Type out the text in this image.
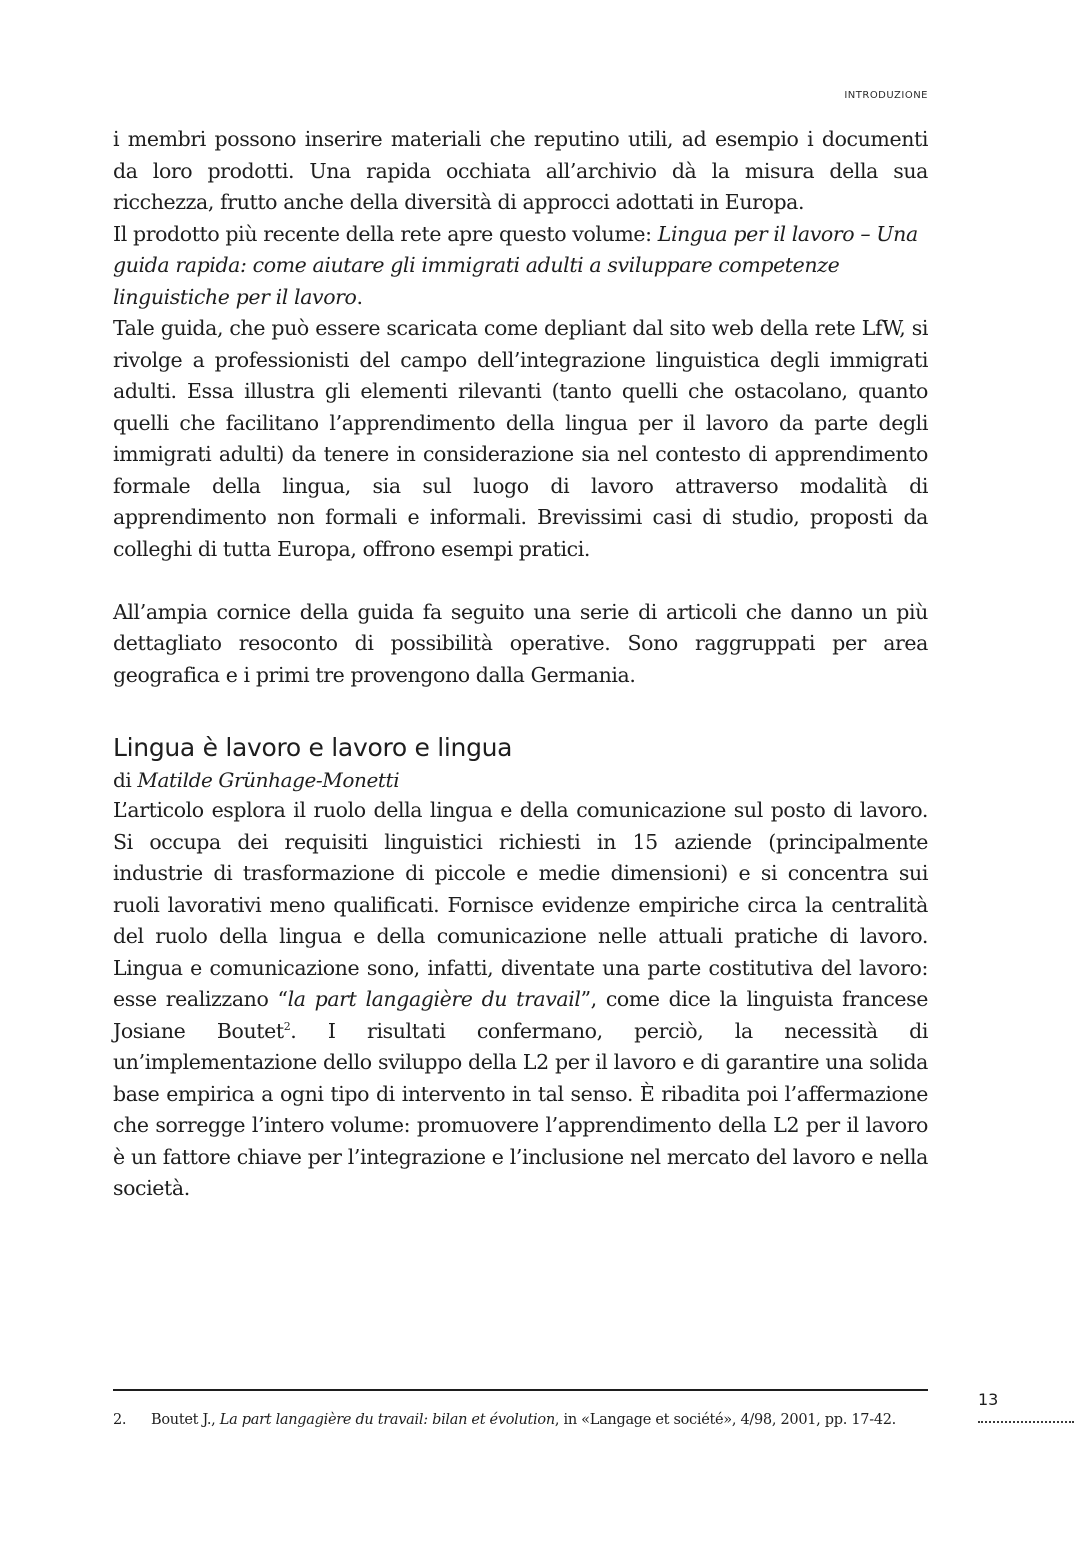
INTRODUZIONE

i membri possono inserire materiali che reputino utili, ad esempio i documenti da loro prodotti. Una rapida occhiata all’archivio dà la misura della sua ricchezza, frutto anche della diversità di approcci adottati in Europa.

Il prodotto più recente della rete apre questo volume: Lingua per il lavoro – Una guida rapida: come aiutare gli immigrati adulti a sviluppare competenze linguistiche per il lavoro.

Tale guida, che può essere scaricata come depliant dal sito web della rete LfW, si rivolge a professionisti del campo dell’integrazione linguistica degli immigrati adulti. Essa illustra gli elementi rilevanti (tanto quelli che ostacolano, quanto quelli che facilitano l’apprendimento della lingua per il lavoro da parte degli immigrati adulti) da tenere in considerazione sia nel contesto di apprendimento formale della lingua, sia sul luogo di lavoro attraverso modalità di apprendimento non formali e informali. Brevissimi casi di studio, proposti da colleghi di tutta Europa, offrono esempi pratici.

All’ampia cornice della guida fa seguito una serie di articoli che danno un più dettagliato resoconto di possibilità operative. Sono raggruppati per area geografica e i primi tre provengono dalla Germania.

Lingua è lavoro e lavoro e lingua

di Matilde Grünhage-Monetti

L’articolo esplora il ruolo della lingua e della comunicazione sul posto di lavoro. Si occupa dei requisiti linguistici richiesti in 15 aziende (principalmente industrie di trasformazione di piccole e medie dimensioni) e si concentra sui ruoli lavorativi meno qualificati. Fornisce evidenze empiriche circa la centralità del ruolo della lingua e della comunicazione nelle attuali pratiche di lavoro. Lingua e comunicazione sono, infatti, diventate una parte costitutiva del lavoro: esse realizzano “la part langagière du travail”, come dice la linguista francese Josiane Boutet$^2$. I risultati confermano, perciò, la necessità di un’implementazione dello sviluppo della L2 per il lavoro e di garantire una solida base empirica a ogni tipo di intervento in tal senso. È ribadita poi l’affermazione che sorregge l’intero volume: promuovere l’apprendimento della L2 per il lavoro è un fattore chiave per l’integrazione e l’inclusione nel mercato del lavoro e nella società.

2. Boutet J., La part langagière du travail: bilan et évolution, in «Langage et société», 4/98, 2001, pp. 17-42.
13
